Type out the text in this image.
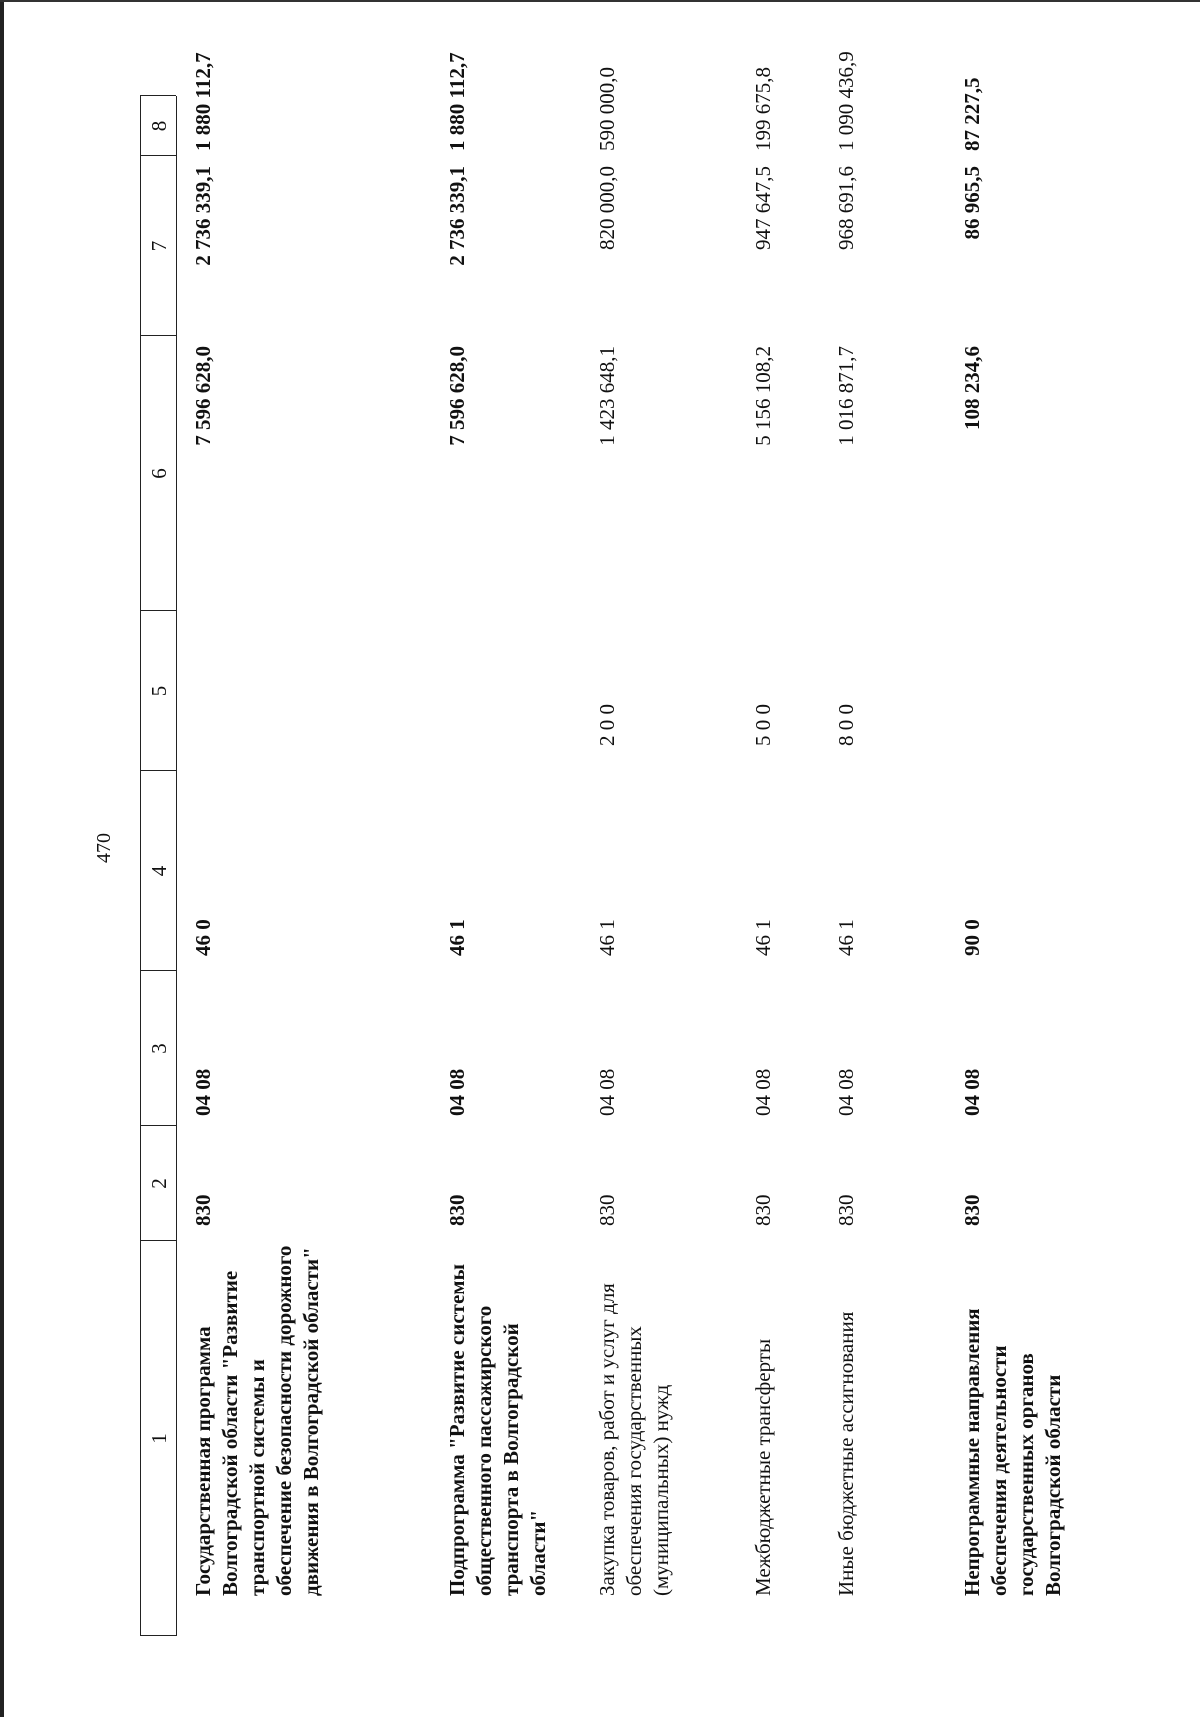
470
1
2
3
4
5
6
7
8
Государственная программа Волгоградской области "Развитие транспортной системы и обеспечение безопасности дорожного движения в Волгоградской области"
830
04 08
46 0
7 596 628,0
2 736 339,1
1 880 112,7
Подпрограмма "Развитие системы общественного пассажирского транспорта в Волгоградской области"
830
04 08
46 1
7 596 628,0
2 736 339,1
1 880 112,7
Закупка товаров, работ и услуг для обеспечения государственных (муниципальных) нужд
830
04 08
46 1
2 0 0
1 423 648,1
820 000,0
590 000,0
Межбюджетные трансферты
830
04 08
46 1
5 0 0
5 156 108,2
947 647,5
199 675,8
Иные бюджетные ассигнования
830
04 08
46 1
8 0 0
1 016 871,7
968 691,6
1 090 436,9
Непрограммные направления обеспечения деятельности государственных органов Волгоградской области
830
04 08
90 0
108 234,6
86 965,5
87 227,5
